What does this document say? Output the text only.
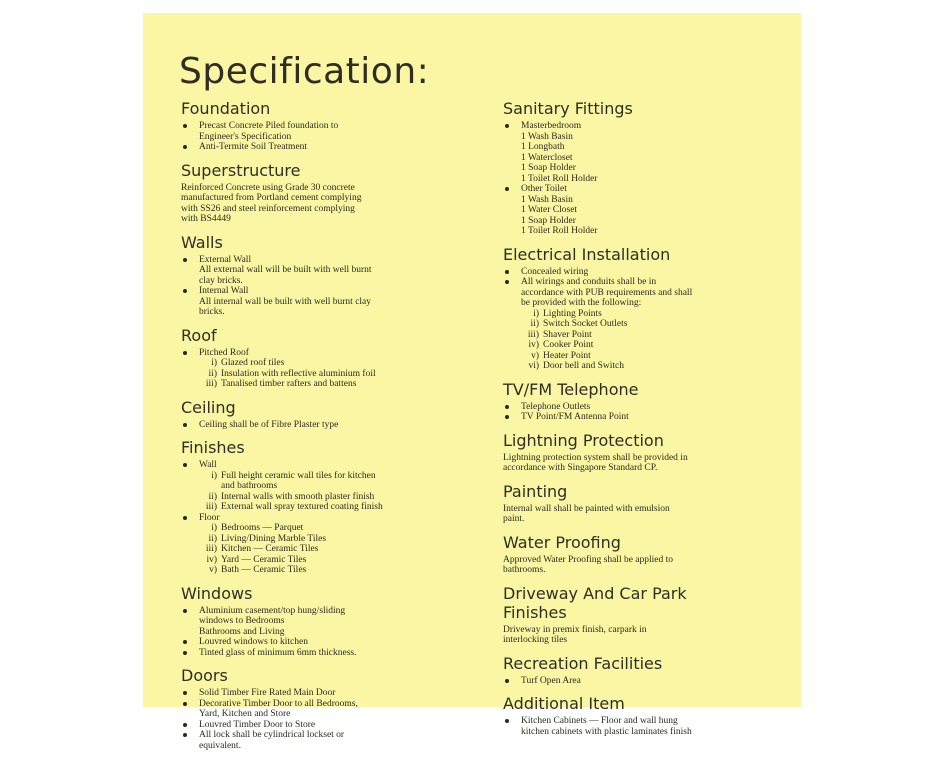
Specification:
Foundation
Precast Concrete Piled foundation to
Engineer's Specification
Anti-Termite Soil Treatment
Superstructure

Reinforced Concrete using Grade 30 concrete
manufactured from Portland cement complying
with SS26 and steel reinforcement complying
with BS4449

Walls
External Wall
All external wall will be built with well burnt
clay bricks.
Internal Wall
All internal wall be built with well burnt clay
bricks.
Roof
Pitched Roof
i) Glazed roof tiles
ii) Insulation with reflective aluminium foil
iii) Tanalised timber rafters and battens
Ceiling
Ceiling shall be of Fibre Plaster type
Finishes
Wall
i) Full height ceramic wall tiles for kitchen
and bathrooms
ii) Internal walls with smooth plaster finish
iii) External wall spray textured coating finish
Floor
i) Bedrooms — Parquet
ii) Living/Dining Marble Tiles
iii) Kitchen — Ceramic Tiles
iv) Yard — Ceramic Tiles
v) Bath — Ceramic Tiles
Windows
Aluminium casement/top hung/sliding
windows to Bedrooms
Bathrooms and Living
Louvred windows to kitchen
Tinted glass of minimum 6mm thickness.
Doors
Solid Timber Fire Rated Main Door
Decorative Timber Door to all Bedrooms,
Yard, Kitchen and Store
Louvred Timber Door to Store
All lock shall be cylindrical lockset or
equivalent.
Sanitary Fittings
Masterbedroom
1 Wash Basin
1 Longbath
1 Watercloset
1 Soap Holder
1 Toilet Roll Holder
Other Toilet
1 Wash Basin
1 Water Closet
1 Soap Holder
1 Toilet Roll Holder
Electrical Installation
Concealed wiring
All wirings and conduits shall be in
accordance with PUB requirements and shall
be provided with the following:
i) Lighting Points
ii) Switch Socket Outlets
iii) Shaver Point
iv) Cooker Point
v) Heater Point
vi) Door bell and Switch
TV/FM Telephone
Telephone Outlets
TV Point/FM Antenna Point
Lightning Protection

Lightning protection system shall be provided in
accordance with Singapore Standard CP.

Painting

Internal wall shall be painted with emulsion
paint.

Water Proofing

Approved Water Proofing shall be applied to
bathrooms.

Driveway And Car Park
Finishes

Driveway in premix finish, carpark in
interlocking tiles

Recreation Facilities
Turf Open Area
Additional Item
Kitchen Cabinets — Floor and wall hung
kitchen cabinets with plastic laminates finish
